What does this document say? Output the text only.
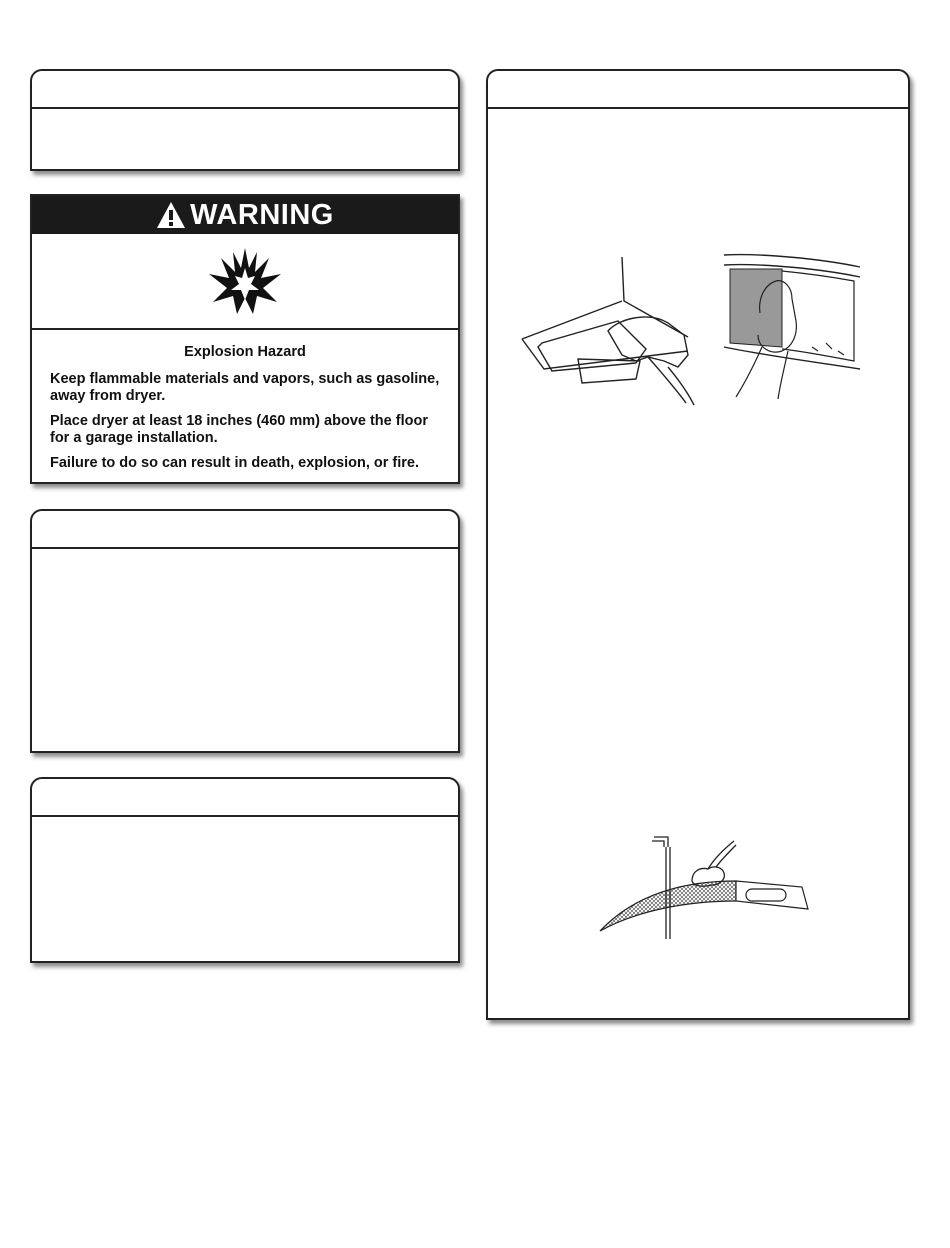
WARNING
Explosion Hazard

Keep flammable materials and vapors, such as gasoline, away from dryer.

Place dryer at least 18 inches (460 mm) above the floor for a garage installation.

Failure to do so can result in death, explosion, or fire.
